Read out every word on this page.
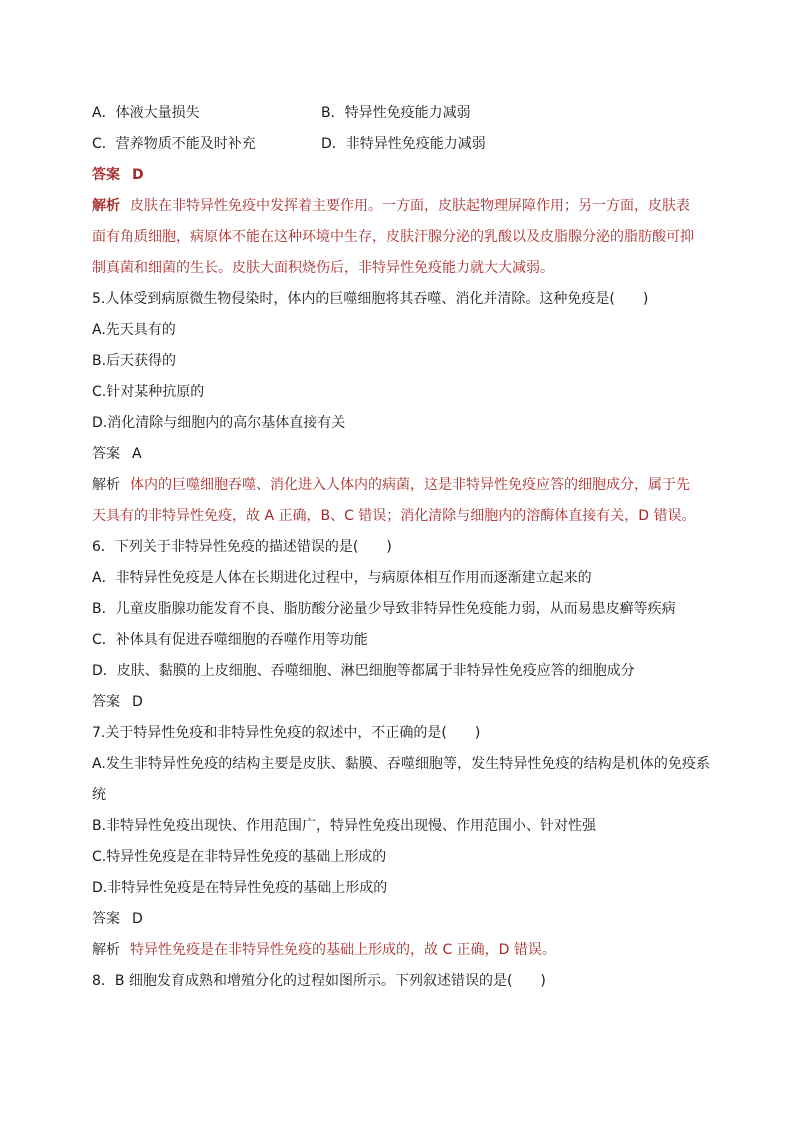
A．体液大量损失	B．特异性免疫能力减弱
C．营养物质不能及时补充	D．非特异性免疫能力减弱
答案 D
解析 皮肤在非特异性免疫中发挥着主要作用。一方面，皮肤起物理屏障作用；另一方面，皮肤表
面有角质细胞，病原体不能在这种环境中生存，皮肤汗腺分泌的乳酸以及皮脂腺分泌的脂肪酸可抑
制真菌和细菌的生长。皮肤大面积烧伤后，非特异性免疫能力就大大减弱。
5.人体受到病原微生物侵染时，体内的巨噬细胞将其吞噬、消化并清除。这种免疫是(　　)
A.先天具有的
B.后天获得的
C.针对某种抗原的
D.消化清除与细胞内的高尔基体直接有关
答案 A
解析 体内的巨噬细胞吞噬、消化进入人体内的病菌，这是非特异性免疫应答的细胞成分，属于先
天具有的非特异性免疫，故 A 正确，B、C 错误；消化清除与细胞内的溶酶体直接有关，D 错误。
6．下列关于非特异性免疫的描述错误的是(　　)
A．非特异性免疫是人体在长期进化过程中，与病原体相互作用而逐渐建立起来的
B．儿童皮脂腺功能发育不良、脂肪酸分泌量少导致非特异性免疫能力弱，从而易患皮癣等疾病
C．补体具有促进吞噬细胞的吞噬作用等功能
D．皮肤、黏膜的上皮细胞、吞噬细胞、淋巴细胞等都属于非特异性免疫应答的细胞成分
答案 D
7.关于特异性免疫和非特异性免疫的叙述中，不正确的是(　　)
A.发生非特异性免疫的结构主要是皮肤、黏膜、吞噬细胞等，发生特异性免疫的结构是机体的免疫系统
B.非特异性免疫出现快、作用范围广，特异性免疫出现慢、作用范围小、针对性强
C.特异性免疫是在非特异性免疫的基础上形成的
D.非特异性免疫是在特异性免疫的基础上形成的
答案 D
解析 特异性免疫是在非特异性免疫的基础上形成的，故 C 正确，D 错误。
8．B 细胞发育成熟和增殖分化的过程如图所示。下列叙述错误的是(　　)
